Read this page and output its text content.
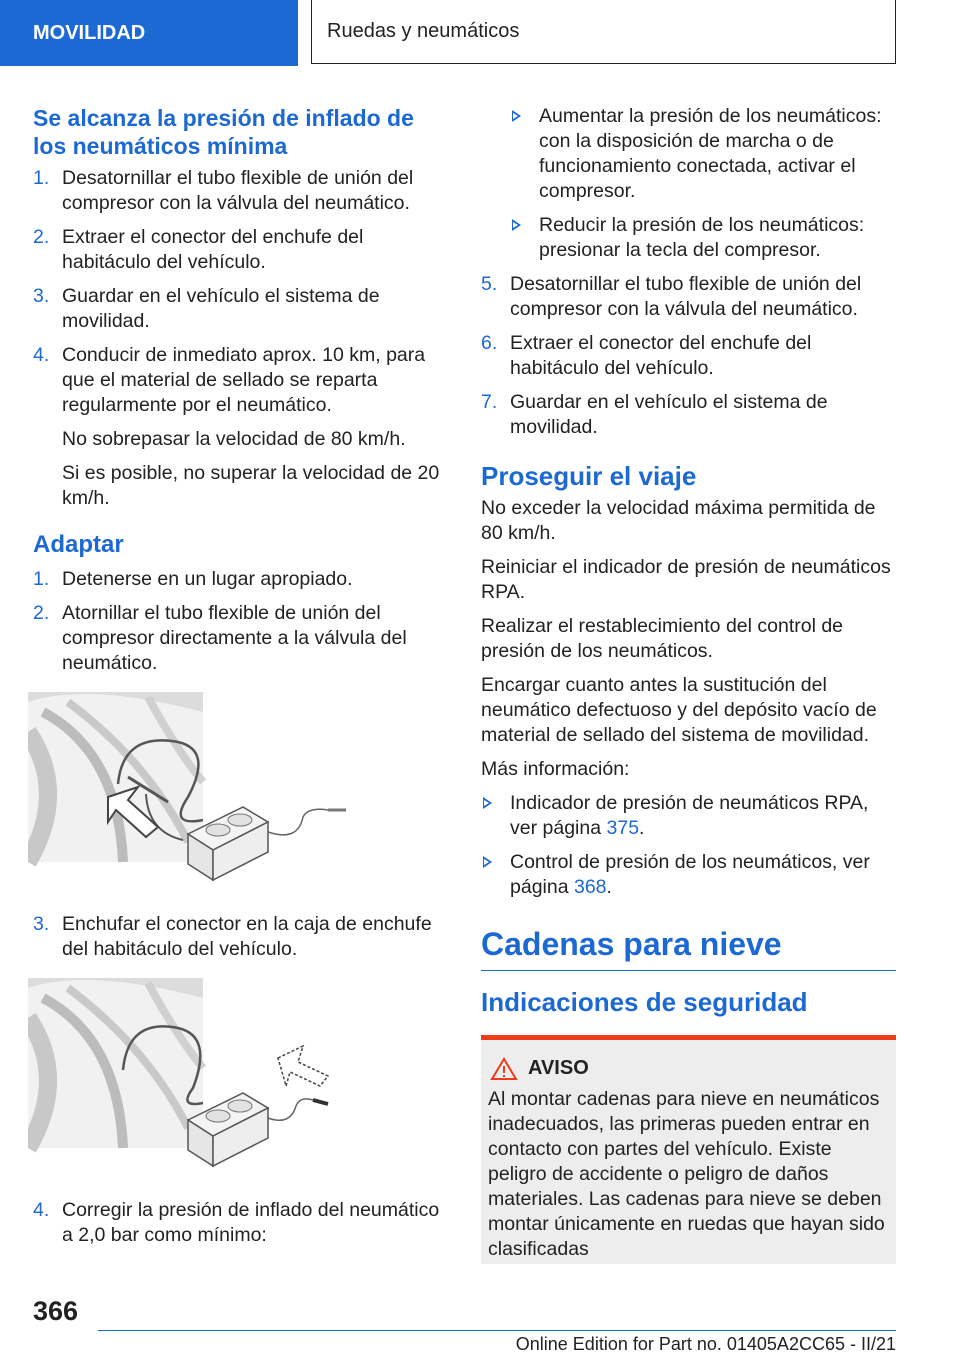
MOVILIDAD	Ruedas y neumáticos
Se alcanza la presión de inflado de los neumáticos mínima
1. Desatornillar el tubo flexible de unión del compresor con la válvula del neumático.
2. Extraer el conector del enchufe del habitáculo del vehículo.
3. Guardar en el vehículo el sistema de movilidad.
4. Conducir de inmediato aprox. 10 km, para que el material de sellado se reparta regularmente por el neumático.

No sobrepasar la velocidad de 80 km/h.

Si es posible, no superar la velocidad de 20 km/h.

Adaptar
1. Detenerse en un lugar apropiado.
2. Atornillar el tubo flexible de unión del compresor directamente a la válvula del neumático.
3. Enchufar el conector en la caja de enchufe del habitáculo del vehículo.
4. Corregir la presión de inflado del neumático a 2,0 bar como mínimo:
Aumentar la presión de los neumáticos: con la disposición de marcha o de funcionamiento conectada, activar el compresor.
Reducir la presión de los neumáticos: presionar la tecla del compresor.
5. Desatornillar el tubo flexible de unión del compresor con la válvula del neumático.
6. Extraer el conector del enchufe del habitáculo del vehículo.
7. Guardar en el vehículo el sistema de movilidad.
Proseguir el viaje

No exceder la velocidad máxima permitida de 80 km/h.

Reiniciar el indicador de presión de neumáticos RPA.

Realizar el restablecimiento del control de presión de los neumáticos.

Encargar cuanto antes la sustitución del neumático defectuoso y del depósito vacío de material de sellado del sistema de movilidad.

Más información:

Indicador de presión de neumáticos RPA, ver página 375.
Control de presión de los neumáticos, ver página 368.
Cadenas para nieve
Indicaciones de seguridad
AVISO
Al montar cadenas para nieve en neumáticos inadecuados, las primeras pueden entrar en contacto con partes del vehículo. Existe peligro de accidente o peligro de daños materiales. Las cadenas para nieve se deben montar únicamente en ruedas que hayan sido clasificadas
366
Online Edition for Part no. 01405A2CC65 - II/21
